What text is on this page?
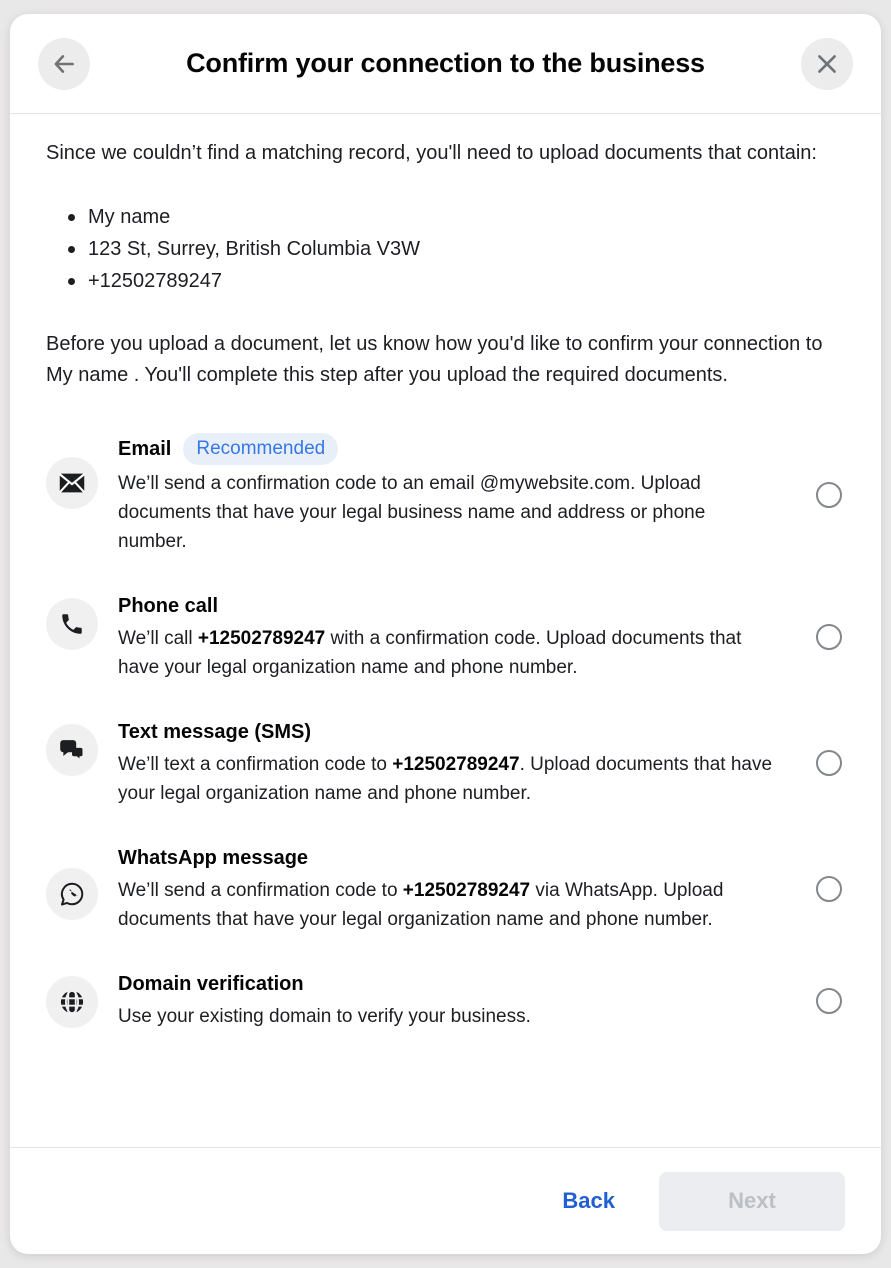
Confirm your connection to the business

Since we couldn’t find a matching record, you'll need to upload documents that contain:

My name
123 St, Surrey, British Columbia V3W
+12502789247

Before you upload a document, let us know how you'd like to confirm your connection to My name . You'll complete this step after you upload the required documents.

Email	Recommended
We’ll send a confirmation code to an email @mywebsite.com. Upload documents that have your legal business name and address or phone number.
Phone call
We’ll call +12502789247 with a confirmation code. Upload documents that have your legal organization name and phone number.
Text message (SMS)
We’ll text a confirmation code to +12502789247. Upload documents that have your legal organization name and phone number.
WhatsApp message
We’ll send a confirmation code to +12502789247 via WhatsApp. Upload documents that have your legal organization name and phone number.
Domain verification
Use your existing domain to verify your business.
Back	Next
